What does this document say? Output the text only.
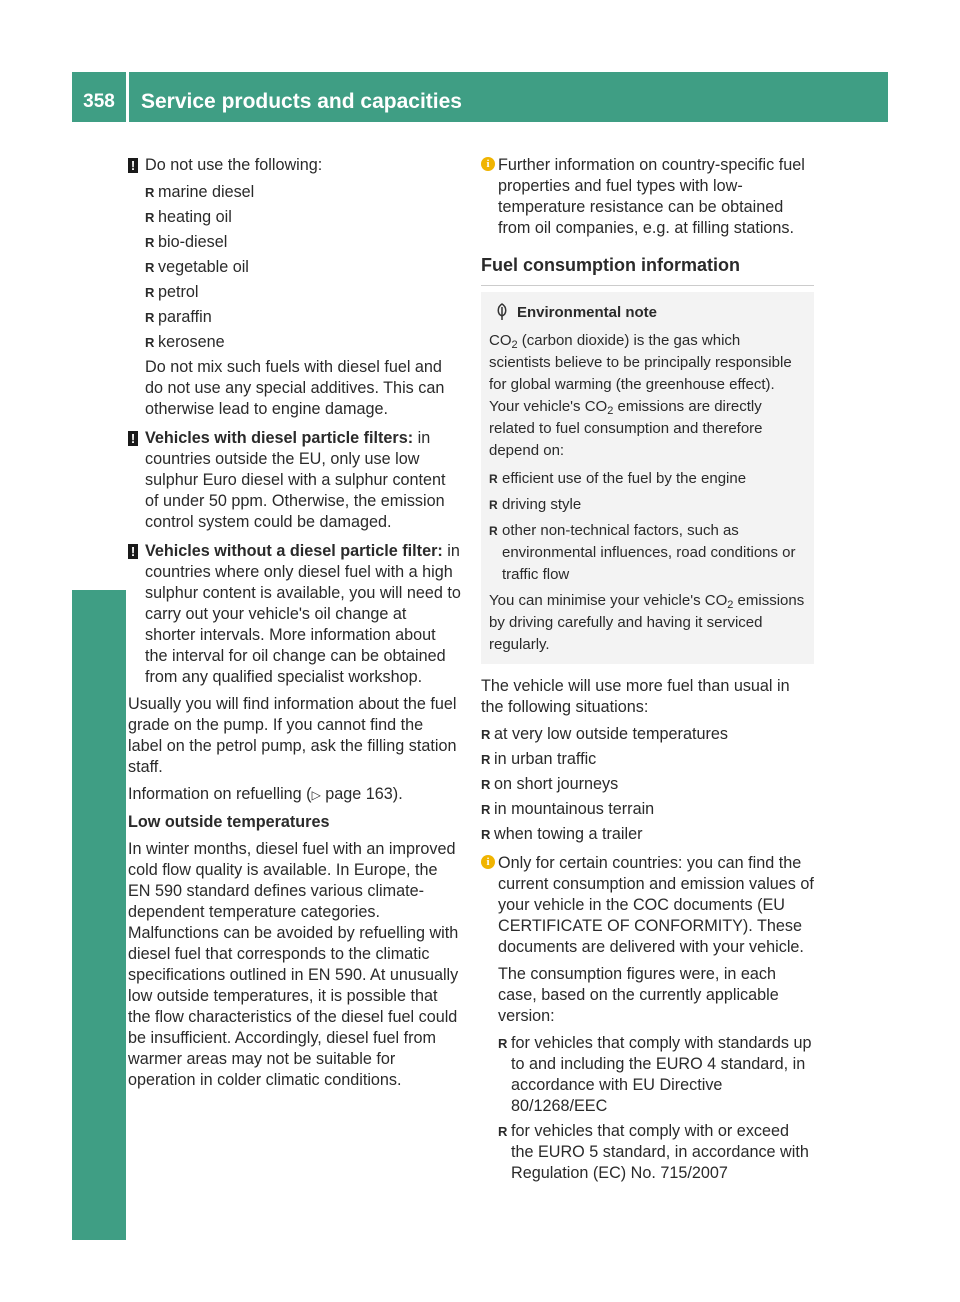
358	Service products and capacities
! Do not use the following:

R marine diesel
R heating oil
R bio-diesel
R vegetable oil
R petrol
R paraffin
R kerosene

Do not mix such fuels with diesel fuel and do not use any special additives. This can otherwise lead to engine damage.

! Vehicles with diesel particle filters: in countries outside the EU, only use low sulphur Euro diesel with a sulphur content of under 50 ppm. Otherwise, the emission control system could be damaged.

! Vehicles without a diesel particle filter: in countries where only diesel fuel with a high sulphur content is available, you will need to carry out your vehicle's oil change at shorter intervals. More information about the interval for oil change can be obtained from any qualified specialist workshop.

Usually you will find information about the fuel grade on the pump. If you cannot find the label on the petrol pump, ask the filling station staff.

Information on refuelling (▷ page 163).

Low outside temperatures

In winter months, diesel fuel with an improved cold flow quality is available. In Europe, the EN 590 standard defines various climate-dependent temperature categories. Malfunctions can be avoided by refuelling with diesel fuel that corresponds to the climatic specifications outlined in EN 590. At unusually low outside temperatures, it is possible that the flow characteristics of the diesel fuel could be insufficient. Accordingly, diesel fuel from warmer areas may not be suitable for operation in colder climatic conditions.

i Further information on country-specific fuel properties and fuel types with low-temperature resistance can be obtained from oil companies, e.g. at filling stations.

Fuel consumption information
Environmental note

$CO_2$ (carbon dioxide) is the gas which scientists believe to be principally responsible for global warming (the greenhouse effect). Your vehicle's $CO_2$ emissions are directly related to fuel consumption and therefore depend on:

R efficient use of the fuel by the engine
R driving style
R other non-technical factors, such as environmental influences, road conditions or traffic flow

You can minimise your vehicle's $CO_2$ emissions by driving carefully and having it serviced regularly.

The vehicle will use more fuel than usual in the following situations:

R at very low outside temperatures
R in urban traffic
R on short journeys
R in mountainous terrain
R when towing a trailer
i Only for certain countries: you can find the current consumption and emission values of your vehicle in the COC documents (EU CERTIFICATE OF CONFORMITY). These documents are delivered with your vehicle.

The consumption figures were, in each case, based on the currently applicable version:

R for vehicles that comply with standards up to and including the EURO 4 standard, in accordance with EU Directive 80/1268/EEC
R for vehicles that comply with or exceed the EURO 5 standard, in accordance with Regulation (EC) No. 715/2007
